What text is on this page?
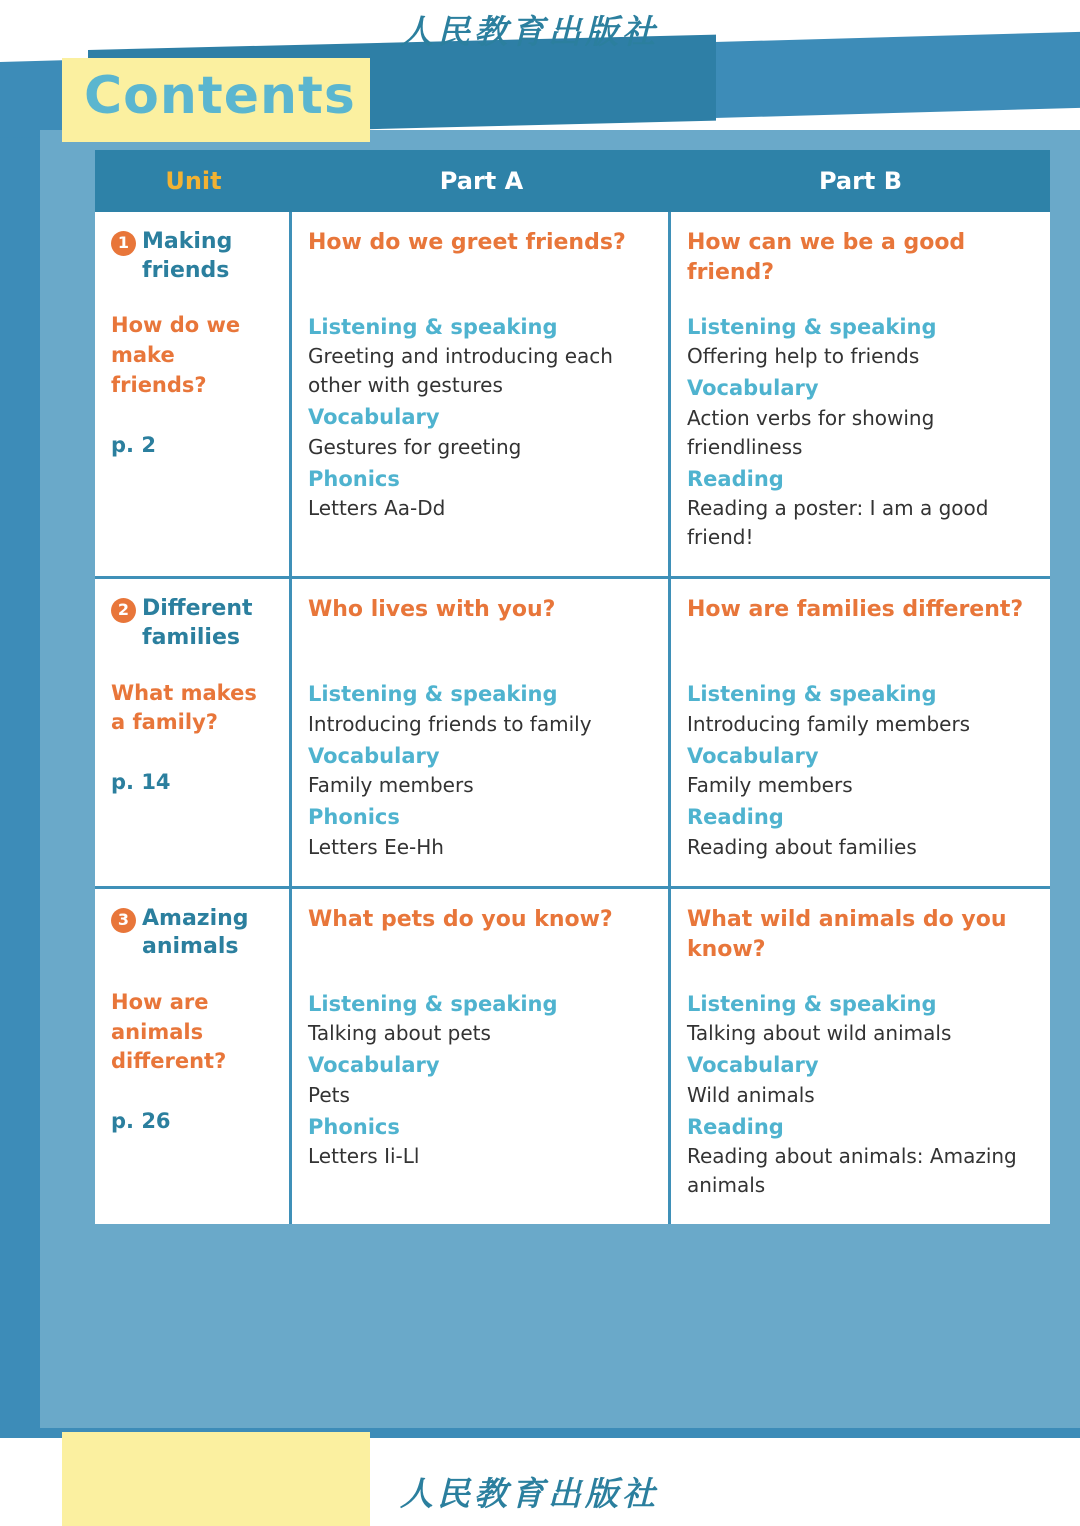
人民教育出版社
人民教育出版社
Contents
Unit	Part A	Part B
1 Making friends
How do we make friends?
p. 2
How do we greet friends?
Listening & speaking
Greeting and introducing each other with gestures
Vocabulary
Gestures for greeting
Phonics
Letters Aa-Dd
How can we be a good friend?
Listening & speaking
Offering help to friends
Vocabulary
Action verbs for showing friendliness
Reading
Reading a poster: I am a good friend!
2 Different families
What makes a family?
p. 14
Who lives with you?
Listening & speaking
Introducing friends to family
Vocabulary
Family members
Phonics
Letters Ee-Hh
How are families different?
Listening & speaking
Introducing family members
Vocabulary
Family members
Reading
Reading about families
3 Amazing animals
How are animals different?
p. 26
What pets do you know?
Listening & speaking
Talking about pets
Vocabulary
Pets
Phonics
Letters Ii-Ll
What wild animals do you know?
Listening & speaking
Talking about wild animals
Vocabulary
Wild animals
Reading
Reading about animals: Amazing animals
